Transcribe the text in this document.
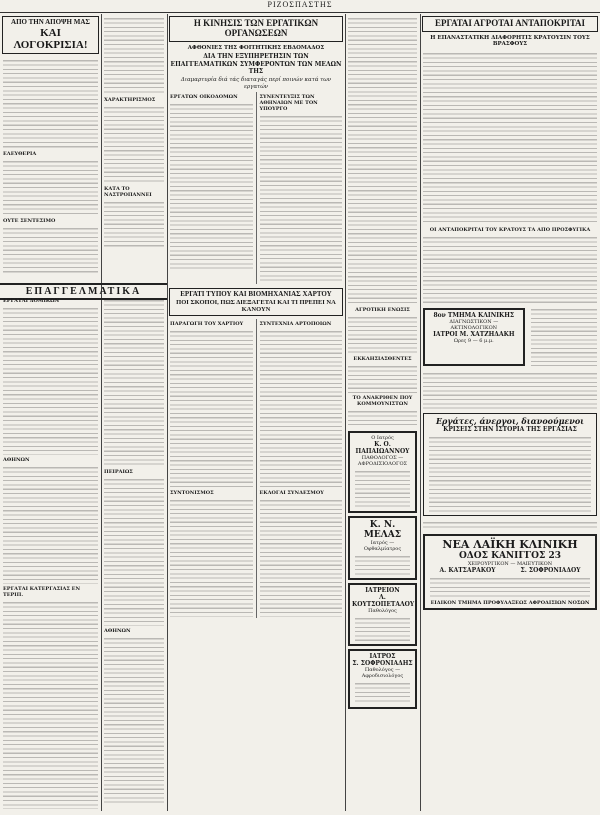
ΡΙΖΟΣΠΑΣΤΗΣ
ΑΠΟ ΤΗΝ ΑΠΟΨΗ ΜΑΣ
ΚΑΙ ΛΟΓΟΚΡΙΣΙΑ!
ΕΛΕΥΘΕΡΙΑ
ΟΥΤΕ ΣΕΝΤΕΣΙΜΟ
ΧΑΡΑΚΤΗΡΙΣΜΟΣ
ΚΑΤΑ ΤΟ ΝΑΣΤΡΟΠΑΝΝΕΙ
ΕΠΑΓΓΕΛΜΑΤΙΚΑ
ΕΡΓΑΤΑΙ ΔΟΜΙΚΩΝ
ΑΘΗΝΩΝ
ΕΡΓΑΤΑΙ ΚΑΤΕΡΓΑΣΙΑΣ ΕΝ ΤΕΡΙΠ.
ΠΕΙΡΑΙΩΣ
ΑΘΗΝΩΝ
Η ΚΙΝΗΣΙΣ ΤΩΝ ΕΡΓΑΤΙΚΩΝ ΟΡΓΑΝΩΣΕΩΝ
ΑΦΘΟΝΙΕΣ ΤΗΣ ΦΟΙΤΗΤΙΚΗΣ ΕΒΔΟΜΑΔΟΣ
ΔΙΑ ΤΗΝ ΕΞΥΠΗΡΕΤΗΣΙΝ ΤΩΝ ΕΠΑΓΓΕΛΜΑΤΙΚΩΝ ΣΥΜΦΕΡΟΝΤΩΝ ΤΩΝ ΜΕΛΩΝ ΤΗΣ
Διαμαρτυρία διά τάς διαταγάς περί ποινών κατά των εργατών
ΕΡΓΑΤΩΝ ΟΙΚΟΔΟΜΩΝ	ΣΥΝΕΝΤΕΥΞΙΣ ΤΩΝ ΑΘΗΝΑΙΩΝ ΜΕ ΤΟΝ ΥΠΟΥΡΓΟ
ΕΡΓΑΤΙ ΤΥΠΟΥ ΚΑΙ ΒΙΟΜΗΧΑΝΙΑΣ ΧΑΡΤΟΥ
ΠΟΙ ΣΚΟΠΟΙ, ΠΩΣ ΔΙΕΞΑΓΕΤΑΙ ΚΑΙ ΤΙ ΠΡΕΠΕΙ ΝΑ ΚΑΝΟΥΝ
ΠΑΡΑΓΩΓΗ ΤΟΥ ΧΑΡΤΙΟΥ
ΣΥΝΤΟΝΙΣΜΟΣ
ΣΥΝΤΕΧΝΙΑ ΑΡΤΟΠΟΙΩΝ
ΕΚΛΟΓΑΙ ΣΥΝΔΕΣΜΟΥ
ΑΓΡΟΤΙΚΗ ΕΝΩΣΙΣ
ΕΚΚΛΗΣΙΑΣΘΕΝΤΕΣ
ΤΟ ΑΝΑΚΡΙΘΕΝ ΠΟΥ ΚΟΜΜΟΥΝΙΣΤΩΝ
Ο Ιατρός
Κ. Ο. ΠΑΠΑΙΩΑΝΝΟΥ
ΠΑΘΟΛΟΓΟΣ — ΑΦΡΟΔΙΣΙΟΛΟΓΟΣ
Κ. Ν. ΜΕΛΑΣ
Ιατρός — Οφθαλμίατρος
ΙΑΤΡΕΙΟΝ
Λ. ΚΟΥΤΣΟΠΕΤΑΛΟΥ
Παθολόγος
ΙΑΤΡΟΣ
Σ. ΣΟΦΡΟΝΙΑΔΗΣ
Παθολόγος — Αφροδισιολόγος
ΕΡΓΑΤΑΙ ΑΓΡΟΤΑΙ ΑΝΤΑΠΟΚΡΙΤΑΙ
Η ΕΠΑΝΑΣΤΑΤΙΚΗ ΔΙΑΦΟΡΗΤΙΣ ΚΡΑΤΟΥΣΙΝ ΤΟΥΣ ΒΡΑΣΦΟΥΣ
ΟΙ ΑΝΤΑΠΟΚΡΙΤΑΙ ΤΟΥ ΚΡΑΤΟΥΣ ΤΑ ΑΠΟ ΠΡΟΣΦΥΓΙΚΑ
8ον ΤΜΗΜΑ ΚΛΙΝΙΚΗΣ
ΔΙΑΓΝΩΣΤΙΚΟΝ — ΑΚΤΙΝΟΛΟΓΙΚΟΝ
ΙΑΤΡΟΙ Μ. ΧΑΤΖΗΔΑΚΗ
Ωρες 9 — 6 μ.μ.
Εργάτες, άνεργοι, διανοούμενοι
ΚΡΙΣΕΙΣ ΣΤΗΝ ΙΣΤΟΡΙΑ ΤΗΣ ΕΡΓΑΣΙΑΣ
ΝΕΑ ΛΑΪΚΗ ΚΛΙΝΙΚΗ
ΟΔΟΣ ΚΑΝΙΓΓΟΣ 23
ΧΕΙΡΟΥΡΓΙΚΟΝ — ΜΑΙΕΥΤΙΚΟΝ
Α. ΚΑΤΣΑΡΑΚΟΥ	Σ. ΣΟΦΡΟΝΙΑΔΟΥ
ΕΙΔΙΚΟΝ ΤΜΗΜΑ ΠΡΟΦΥΛΑΞΕΩΣ ΑΦΡΟΔΙΣΙΩΝ ΝΟΣΩΝ
